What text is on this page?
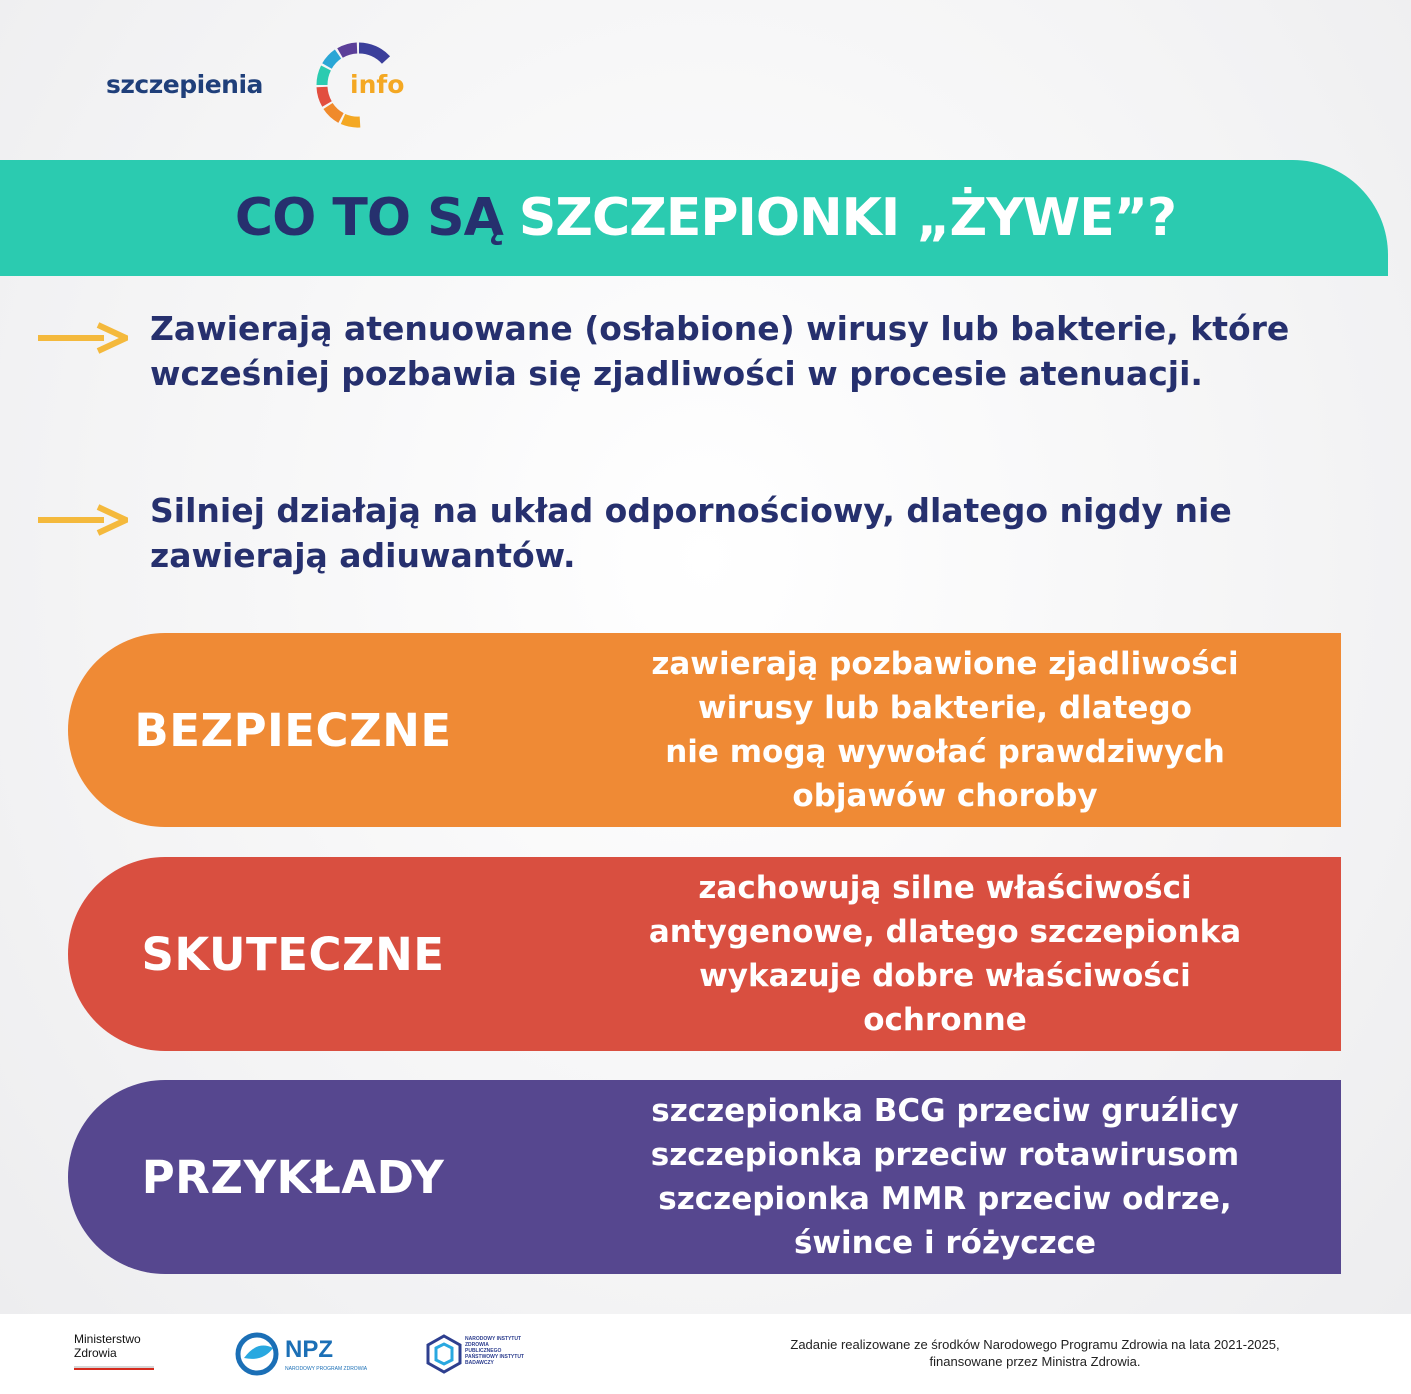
szczepienia	info
CO TO SĄ SZCZEPIONKI „ŻYWE”?
Zawierają atenuowane (osłabione) wirusy lub bakterie, które wcześniej pozbawia się zjadliwości w procesie atenuacji.
Silniej działają na układ odpornościowy, dlatego nigdy nie zawierają adiuwantów.
BEZPIECZNE
zawierają pozbawione zjadliwości
wirusy lub bakterie, dlatego
nie mogą wywołać prawdziwych
objawów choroby
SKUTECZNE
zachowują silne właściwości
antygenowe, dlatego szczepionka
wykazuje dobre właściwości
ochronne
PRZYKŁADY
szczepionka BCG przeciw gruźlicy
szczepionka przeciw rotawirusom
szczepionka MMR przeciw odrze,
śwince i różyczce
Ministerstwo
Zdrowia	NPZ
NARODOWY PROGRAM ZDROWIA
NARODOWY INSTYTUT ZDROWIA PUBLICZNEGO PAŃSTWOWY INSTYTUT BADAWCZY
Zadanie realizowane ze środków Narodowego Programu Zdrowia na lata 2021-2025,
finansowane przez Ministra Zdrowia.
